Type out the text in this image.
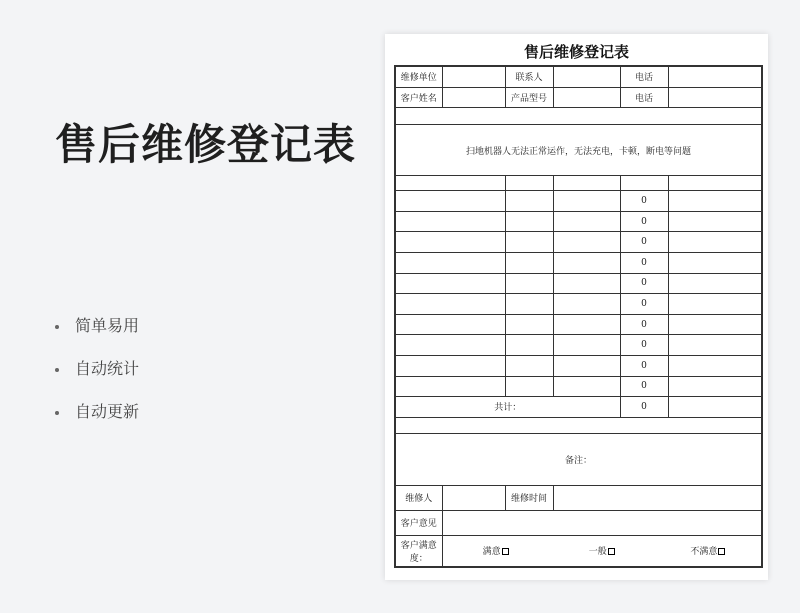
售后维修登记表
简单易用
自动统计
自动更新
售后维修登记表
维修单位		联系人		电话	
客户姓名		产品型号		电话	

扫地机器人无法正常运作，无法充电，卡顿，断电等问题

			0	
			0	
			0	
			0	
			0	
			0	
			0	
			0	
			0	
			0	
共计：	0	

备注：
维修人		维修时间	
客户意见	
客户满意度：	
满意	一般	不满意
